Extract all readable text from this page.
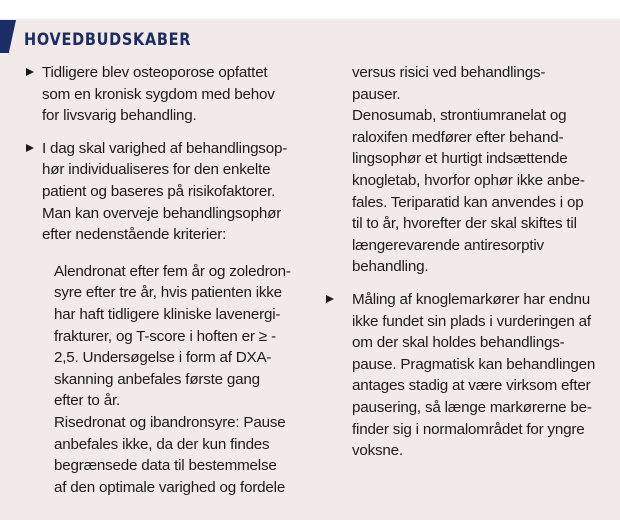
HOVEDBUDSKABER
Tidligere blev osteoporose opfattet
som en kronisk sygdom med behov
for livsvarig behandling.
I dag skal varighed af behandlingsop-
hør individualiseres for den enkelte
patient og baseres på risikofaktorer.
Man kan overveje behandlingsophør
efter nedenstående kriterier:
Alendronat efter fem år og zoledron-
syre efter tre år, hvis patienten ikke
har haft tidligere kliniske lavenergi-
frakturer, og T-score i hoften er ≥ -
2,5. Undersøgelse i form af DXA-
skanning anbefales første gang
efter to år.
Risedronat og ibandronsyre: Pause
anbefales ikke, da der kun findes
begrænsede data til bestemmelse
af den optimale varighed og fordele
versus risici ved behandlings-
pauser.
Denosumab, strontiumranelat og
raloxifen medfører efter behand-
lingsophør et hurtigt indsættende
knogletab, hvorfor ophør ikke anbe-
fales. Teriparatid kan anvendes i op
til to år, hvorefter der skal skiftes til
længerevarende antiresorptiv
behandling.
Måling af knoglemarkører har endnu
ikke fundet sin plads i vurderingen af
om der skal holdes behandlings-
pause. Pragmatisk kan behandlingen
antages stadig at være virksom efter
pausering, så længe markørerne be-
finder sig i normalområdet for yngre
voksne.
